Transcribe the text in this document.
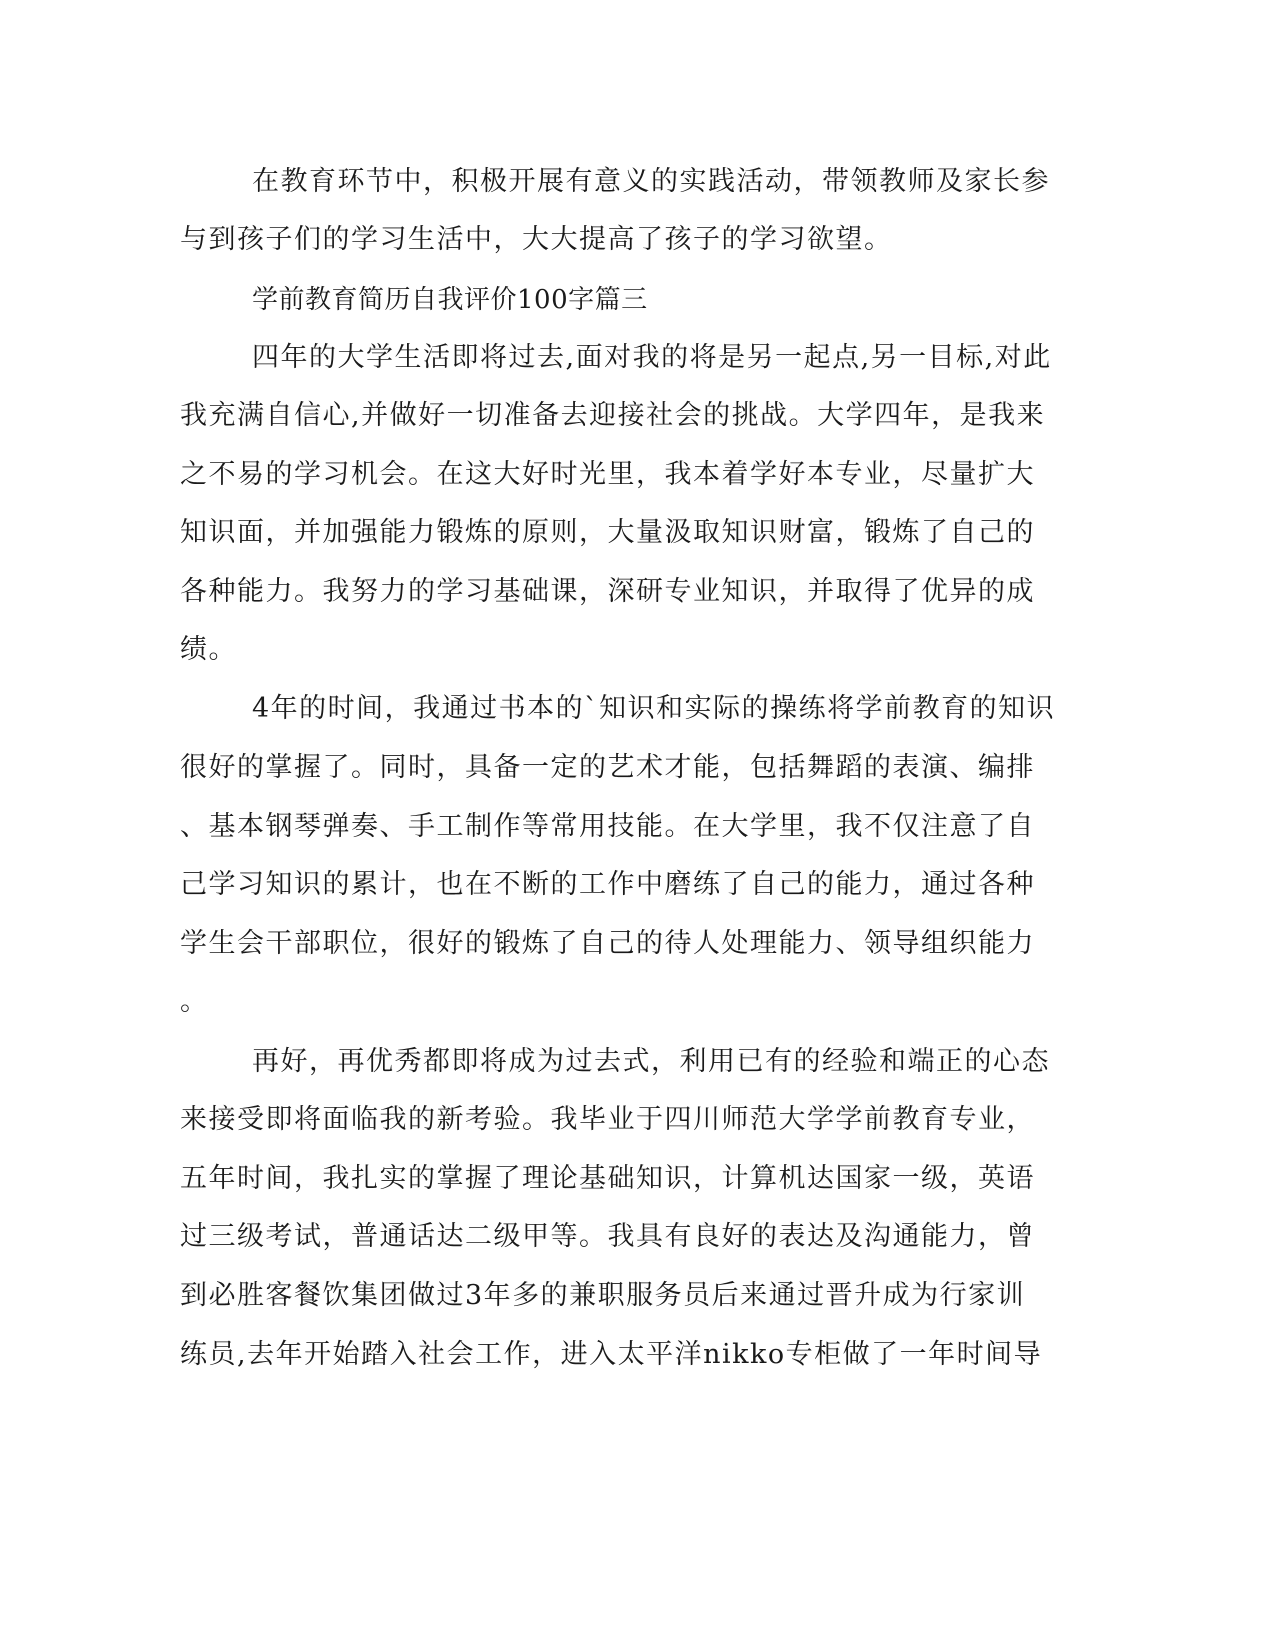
在教育环节中，积极开展有意义的实践活动，带领教师及家长参
与到孩子们的学习生活中，大大提高了孩子的学习欲望。
学前教育简历自我评价100字篇三
四年的大学生活即将过去,面对我的将是另一起点,另一目标,对此
我充满自信心,并做好一切准备去迎接社会的挑战。大学四年，是我来
之不易的学习机会。在这大好时光里，我本着学好本专业，尽量扩大
知识面，并加强能力锻炼的原则，大量汲取知识财富，锻炼了自己的
各种能力。我努力的学习基础课，深研专业知识，并取得了优异的成
绩。
4年的时间，我通过书本的`知识和实际的操练将学前教育的知识
很好的掌握了。同时，具备一定的艺术才能，包括舞蹈的表演、编排
、基本钢琴弹奏、手工制作等常用技能。在大学里，我不仅注意了自
己学习知识的累计，也在不断的工作中磨练了自己的能力，通过各种
学生会干部职位，很好的锻炼了自己的待人处理能力、领导组织能力
。
再好，再优秀都即将成为过去式，利用已有的经验和端正的心态
来接受即将面临我的新考验。我毕业于四川师范大学学前教育专业，
五年时间，我扎实的掌握了理论基础知识，计算机达国家一级，英语
过三级考试，普通话达二级甲等。我具有良好的表达及沟通能力，曾
到必胜客餐饮集团做过3年多的兼职服务员后来通过晋升成为行家训
练员,去年开始踏入社会工作，进入太平洋nikko专柜做了一年时间导
